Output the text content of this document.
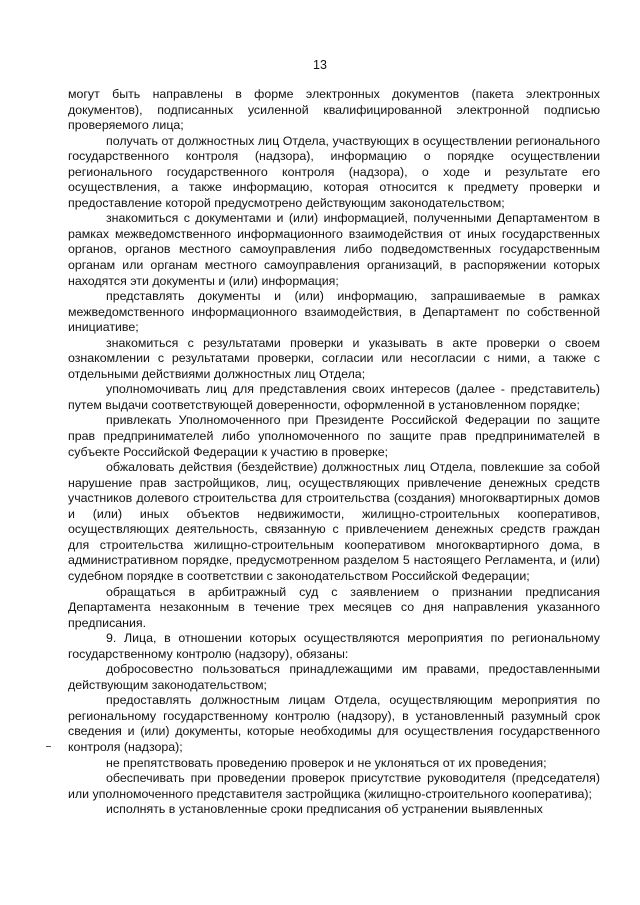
13

могут быть направлены в форме электронных документов (пакета электронных документов), подписанных усиленной квалифицированной электронной подписью проверяемого лица;

получать от должностных лиц Отдела, участвующих в осуществлении регионального государственного контроля (надзора), информацию о порядке осуществлении регионального государственного контроля (надзора), о ходе и результате его осуществления, а также информацию, которая относится к предмету проверки и предоставление которой предусмотрено действующим законодательством;

знакомиться с документами и (или) информацией, полученными Департаментом в рамках межведомственного информационного взаимодействия от иных государственных органов, органов местного самоуправления либо подведомственных государственным органам или органам местного самоуправления организаций, в распоряжении которых находятся эти документы и (или) информация;

представлять документы и (или) информацию, запрашиваемые в рамках межведомственного информационного взаимодействия, в Департамент по собственной инициативе;

знакомиться с результатами проверки и указывать в акте проверки о своем ознакомлении с результатами проверки, согласии или несогласии с ними, а также с отдельными действиями должностных лиц Отдела;

уполномочивать лиц для представления своих интересов (далее - представитель) путем выдачи соответствующей доверенности, оформленной в установленном порядке;

привлекать Уполномоченного при Президенте Российской Федерации по защите прав предпринимателей либо уполномоченного по защите прав предпринимателей в субъекте Российской Федерации к участию в проверке;

обжаловать действия (бездействие) должностных лиц Отдела, повлекшие за собой нарушение прав застройщиков, лиц, осуществляющих привлечение денежных средств участников долевого строительства для строительства (создания) многоквартирных домов и (или) иных объектов недвижимости, жилищно-строительных кооперативов, осуществляющих деятельность, связанную с привлечением денежных средств граждан для строительства жилищно-строительным кооперативом многоквартирного дома, в административном порядке, предусмотренном разделом 5 настоящего Регламента, и (или) судебном порядке в соответствии с законодательством Российской Федерации;

обращаться в арбитражный суд с заявлением о признании предписания Департамента незаконным в течение трех месяцев со дня направления указанного предписания.

9. Лица, в отношении которых осуществляются мероприятия по региональному государственному контролю (надзору), обязаны:

добросовестно пользоваться принадлежащими им правами, предоставленными действующим законодательством;

предоставлять должностным лицам Отдела, осуществляющим мероприятия по региональному государственному контролю (надзору), в установленный разумный срок сведения и (или) документы, которые необходимы для осуществления государственного контроля (надзора);

не препятствовать проведению проверок и не уклоняться от их проведения;

обеспечивать при проведении проверок присутствие руководителя (председателя) или уполномоченного представителя застройщика (жилищно-строительного кооператива);

исполнять в установленные сроки предписания об устранении выявленных
